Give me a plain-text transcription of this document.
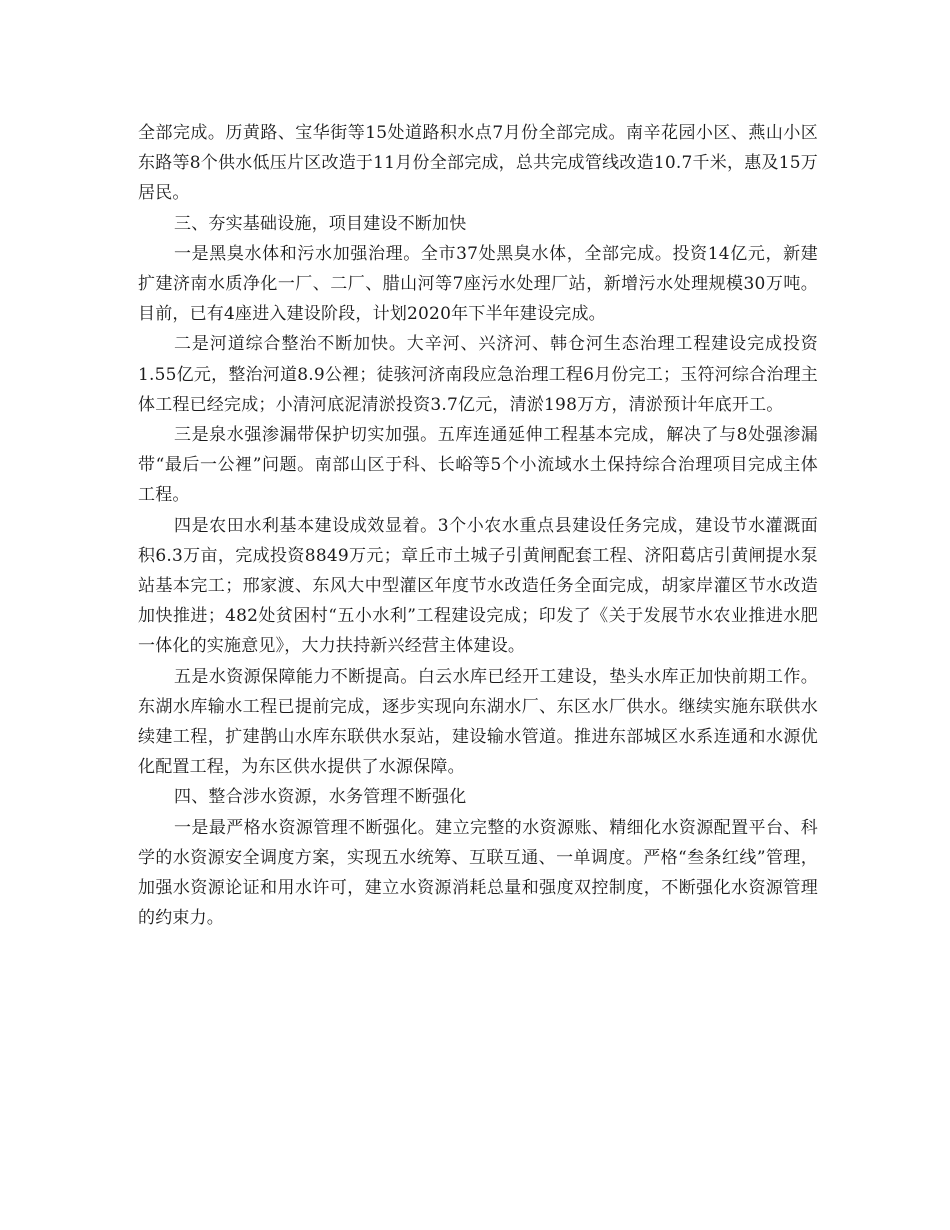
全部完成。历黄路、宝华街等15处道路积水点7月份全部完成。南辛花园小区、燕山小区东路等8个供水低压片区改造于11月份全部完成，总共完成管线改造10.7千米，惠及15万居民。

三、夯实基础设施，项目建设不断加快

一是黑臭水体和污水加强治理。全市37处黑臭水体，全部完成。投资14亿元，新建扩建济南水质净化一厂、二厂、腊山河等7座污水处理厂站，新增污水处理规模30万吨。目前，已有4座进入建设阶段，计划2020年下半年建设完成。

二是河道综合整治不断加快。大辛河、兴济河、韩仓河生态治理工程建设完成投资1.55亿元，整治河道8.9公裡；徒骇河济南段应急治理工程6月份完工；玉符河综合治理主体工程已经完成；小清河底泥清淤投资3.7亿元，清淤198万方，清淤预计年底开工。

三是泉水强渗漏带保护切实加强。五库连通延伸工程基本完成，解决了与8处强渗漏带“最后一公裡”问题。南部山区于科、长峪等5个小流域水土保持综合治理项目完成主体工程。

四是农田水利基本建设成效显着。3个小农水重点县建设任务完成，建设节水灌溉面积6.3万亩，完成投资8849万元；章丘市土城子引黄闸配套工程、济阳葛店引黄闸提水泵站基本完工；邢家渡、东风大中型灌区年度节水改造任务全面完成，胡家岸灌区节水改造加快推进；482处贫困村“五小水利”工程建设完成；印发了《关于发展节水农业推进水肥一体化的实施意见》，大力扶持新兴经营主体建设。

五是水资源保障能力不断提高。白云水库已经开工建设，垫头水库正加快前期工作。东湖水库输水工程已提前完成，逐步实现向东湖水厂、东区水厂供水。继续实施东联供水续建工程，扩建鹊山水库东联供水泵站，建设输水管道。推进东部城区水系连通和水源优化配置工程，为东区供水提供了水源保障。

四、整合涉水资源，水务管理不断强化

一是最严格水资源管理不断强化。建立完整的水资源账、精细化水资源配置平台、科学的水资源安全调度方案，实现五水统筹、互联互通、一单调度。严格“叁条红线”管理，加强水资源论证和用水许可，建立水资源消耗总量和强度双控制度，不断强化水资源管理的约束力。
